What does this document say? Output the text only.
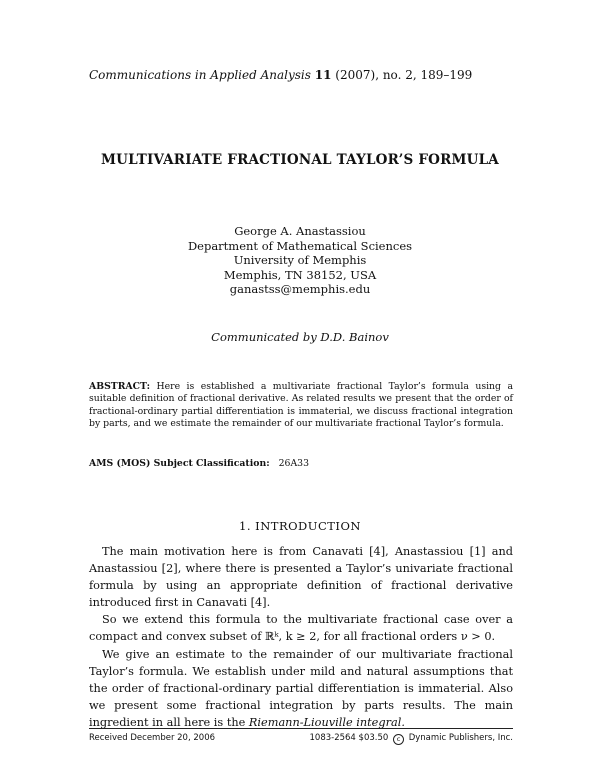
Communications in Applied Analysis 11 (2007), no. 2, 189–199
MULTIVARIATE FRACTIONAL TAYLOR’S FORMULA
George A. Anastassiou
Department of Mathematical Sciences
University of Memphis
Memphis, TN 38152, USA
ganastss@memphis.edu
Communicated by D.D. Bainov
ABSTRACT: Here is established a multivariate fractional Taylor’s formula using a suitable definition of fractional derivative. As related results we present that the order of fractional-ordinary partial differentiation is immaterial, we discuss fractional integration by parts, and we estimate the remainder of our multivariate fractional Taylor’s formula.
AMS (MOS) Subject Classification: 26A33
1. INTRODUCTION

The main motivation here is from Canavati [4], Anastassiou [1] and Anastassiou [2], where there is presented a Taylor’s univariate fractional formula by using an appropriate definition of fractional derivative introduced first in Canavati [4].

So we extend this formula to the multivariate fractional case over a compact and convex subset of ℝᵏ, k ≥ 2, for all fractional orders ν > 0.

We give an estimate to the remainder of our multivariate fractional Taylor’s formula. We establish under mild and natural assumptions that the order of fractional-ordinary partial differentiation is immaterial. Also we present some fractional integration by parts results. The main ingredient in all here is the Riemann-Liouville integral.

Received December 20, 2006	1083-2564 $03.50 c Dynamic Publishers, Inc.
